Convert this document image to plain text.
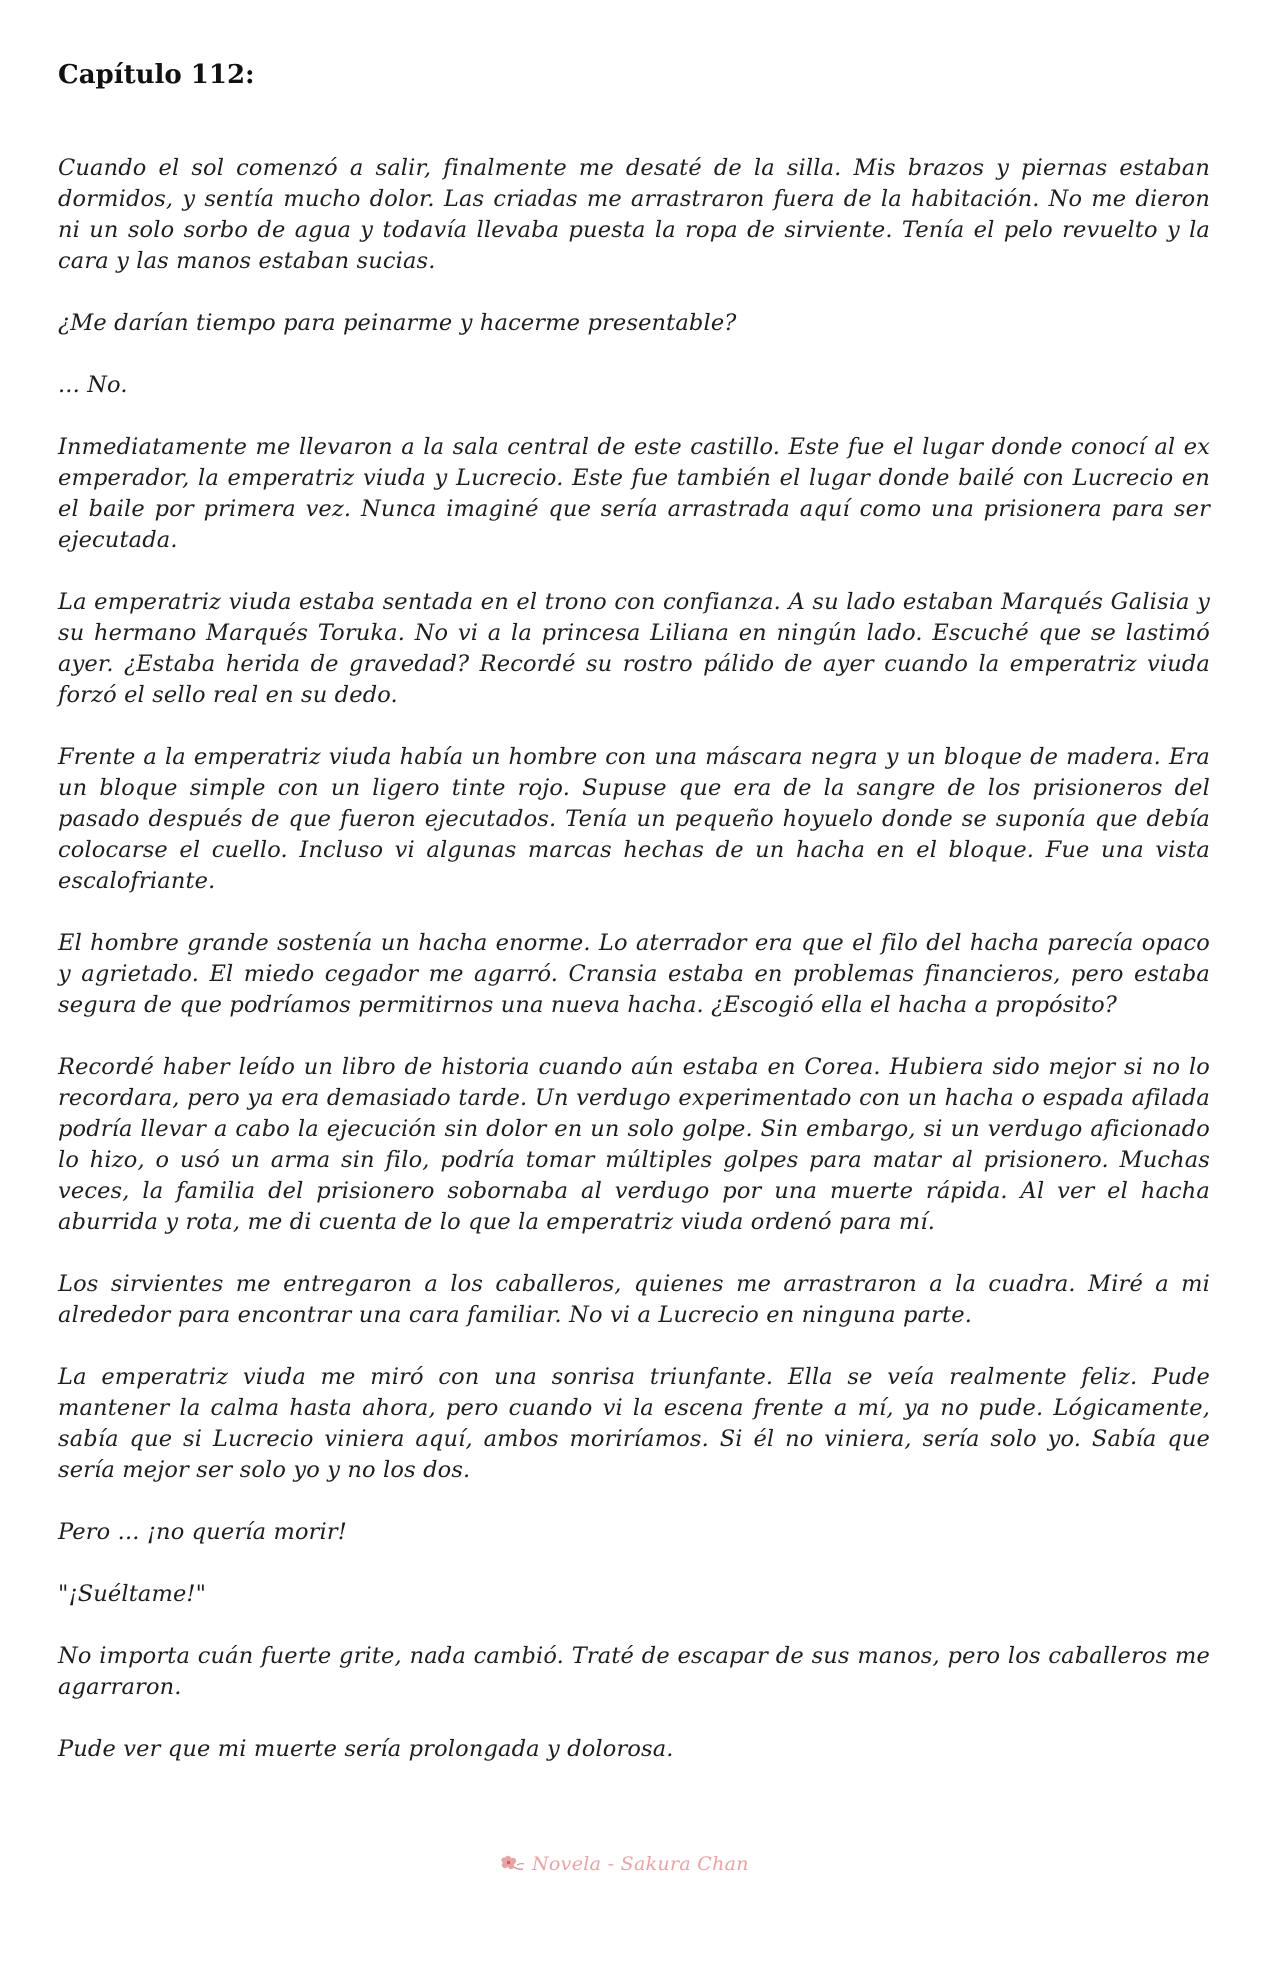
Capítulo 112:

Cuando el sol comenzó a salir, finalmente me desaté de la silla. Mis brazos y piernas estaban dormidos, y sentía mucho dolor. Las criadas me arrastraron fuera de la habitación. No me dieron ni un solo sorbo de agua y todavía llevaba puesta la ropa de sirviente. Tenía el pelo revuelto y la cara y las manos estaban sucias.

¿Me darían tiempo para peinarme y hacerme presentable?

... No.

Inmediatamente me llevaron a la sala central de este castillo. Este fue el lugar donde conocí al ex emperador, la emperatriz viuda y Lucrecio. Este fue también el lugar donde bailé con Lucrecio en el baile por primera vez. Nunca imaginé que sería arrastrada aquí como una prisionera para ser ejecutada.

La emperatriz viuda estaba sentada en el trono con confianza. A su lado estaban Marqués Galisia y su hermano Marqués Toruka. No vi a la princesa Liliana en ningún lado. Escuché que se lastimó ayer. ¿Estaba herida de gravedad? Recordé su rostro pálido de ayer cuando la emperatriz viuda forzó el sello real en su dedo.

Frente a la emperatriz viuda había un hombre con una máscara negra y un bloque de madera. Era un bloque simple con un ligero tinte rojo. Supuse que era de la sangre de los prisioneros del pasado después de que fueron ejecutados. Tenía un pequeño hoyuelo donde se suponía que debía colocarse el cuello. Incluso vi algunas marcas hechas de un hacha en el bloque. Fue una vista escalofriante.

El hombre grande sostenía un hacha enorme. Lo aterrador era que el filo del hacha parecía opaco y agrietado. El miedo cegador me agarró. Cransia estaba en problemas financieros, pero estaba segura de que podríamos permitirnos una nueva hacha. ¿Escogió ella el hacha a propósito?

Recordé haber leído un libro de historia cuando aún estaba en Corea. Hubiera sido mejor si no lo recordara, pero ya era demasiado tarde. Un verdugo experimentado con un hacha o espada afilada podría llevar a cabo la ejecución sin dolor en un solo golpe. Sin embargo, si un verdugo aficionado lo hizo, o usó un arma sin filo, podría tomar múltiples golpes para matar al prisionero. Muchas veces, la familia del prisionero sobornaba al verdugo por una muerte rápida. Al ver el hacha aburrida y rota, me di cuenta de lo que la emperatriz viuda ordenó para mí.

Los sirvientes me entregaron a los caballeros, quienes me arrastraron a la cuadra. Miré a mi alrededor para encontrar una cara familiar. No vi a Lucrecio en ninguna parte.

La emperatriz viuda me miró con una sonrisa triunfante. Ella se veía realmente feliz. Pude mantener la calma hasta ahora, pero cuando vi la escena frente a mí, ya no pude. Lógicamente, sabía que si Lucrecio viniera aquí, ambos moriríamos. Si él no viniera, sería solo yo. Sabía que sería mejor ser solo yo y no los dos.

Pero ... ¡no quería morir!

"¡Suéltame!"

No importa cuán fuerte grite, nada cambió. Traté de escapar de sus manos, pero los caballeros me agarraron.

Pude ver que mi muerte sería prolongada y dolorosa.

Novela - Sakura Chan
